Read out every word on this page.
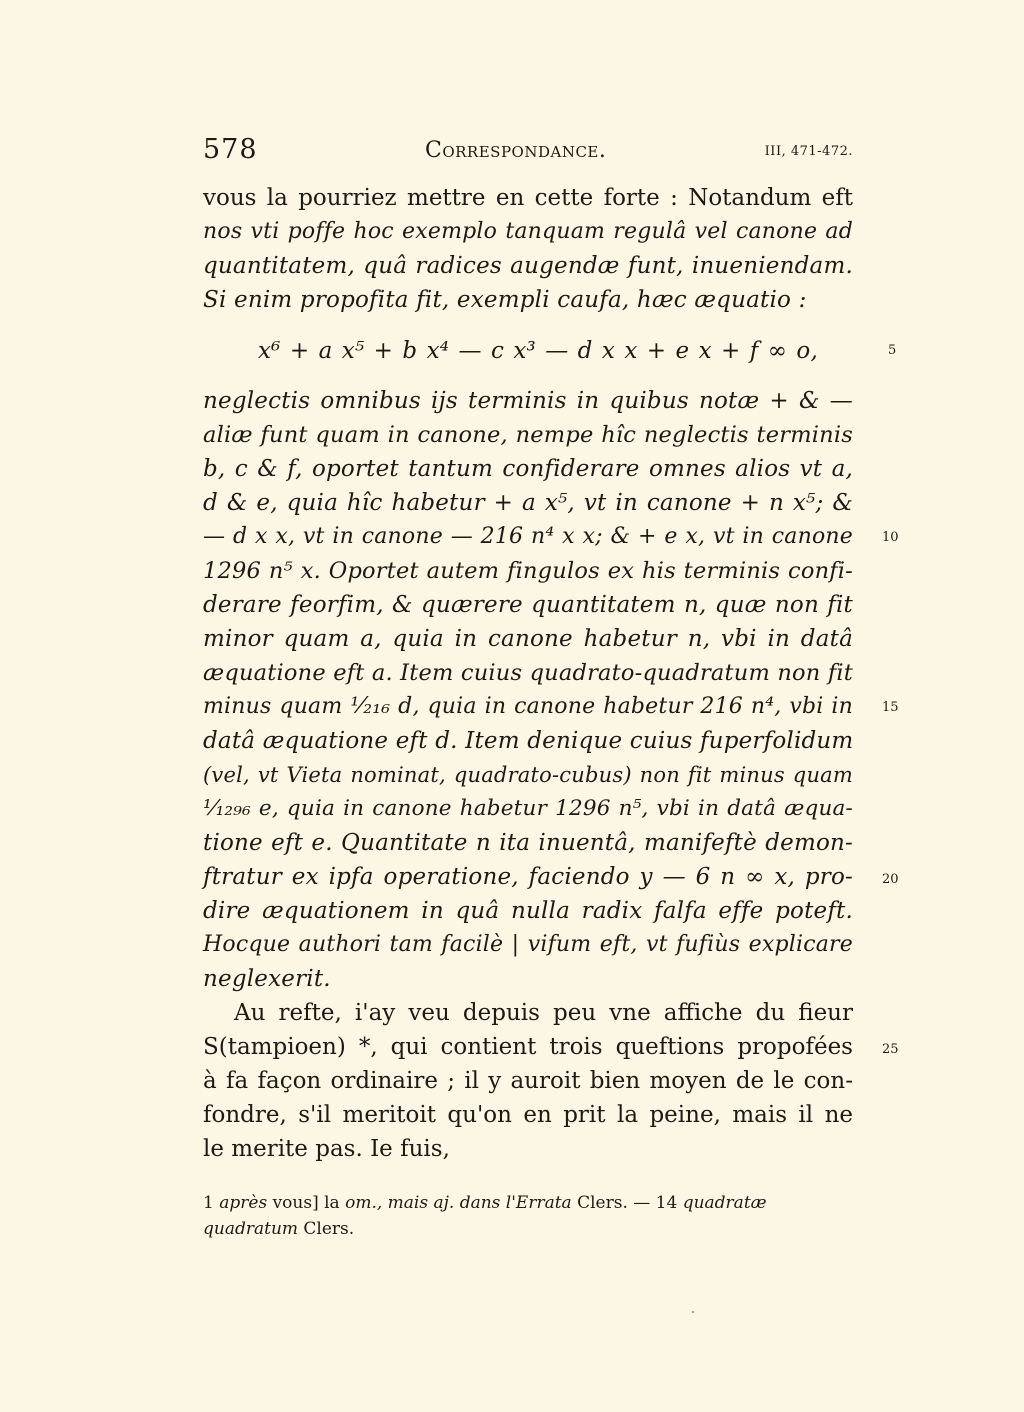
578	Correspondance.	III, 471-472.
vous la pourriez mettre en cette forte : Notandum eft
nos vti poffe hoc exemplo tanquam regulâ vel canone ad
quantitatem, quâ radices augendæ funt, inueniendam.
Si enim propofita fit, exempli caufa, hæc æquatio :
x⁶ + a x⁵ + b x⁴ — c x³ — d x x + e x + f ∞ o,	5
neglectis omnibus ijs terminis in quibus notæ + & —
aliæ funt quam in canone, nempe hîc neglectis terminis
b, c & f, oportet tantum confiderare omnes alios vt a,
d & e, quia hîc habetur + a x⁵, vt in canone + n x⁵; &
— d x x, vt in canone — 216 n⁴ x x; & + e x, vt in canone 10
1296 n⁵ x. Oportet autem fingulos ex his terminis confi-
derare feorfim, & quærere quantitatem n, quæ non fit
minor quam a, quia in canone habetur n, vbi in datâ
æquatione eft a. Item cuius quadrato-quadratum non fit
minus quam ¹⁄₂₁₆ d, quia in canone habetur 216 n⁴, vbi in 15
datâ æquatione eft d. Item denique cuius fuperfolidum
(vel, vt Vieta nominat, quadrato-cubus) non fit minus quam
¹⁄₁₂₉₆ e, quia in canone habetur 1296 n⁵, vbi in datâ æqua-
tione eft e. Quantitate n ita inuentâ, manifeftè demon-
ftratur ex ipfa operatione, faciendo y — 6 n ∞ x, pro- 20
dire æquationem in quâ nulla radix falfa effe poteft.
Hocque authori tam facilè | vifum eft, vt fufiùs explicare
neglexerit.
Au refte, i'ay veu depuis peu vne affiche du fieur
S(tampioen) *, qui contient trois queftions propofées 25
à fa façon ordinaire ; il y auroit bien moyen de le con-
fondre, s'il meritoit qu'on en prit la peine, mais il ne
le merite pas. Ie fuis,
1 après vous] la om., mais aj. dans l'Errata Clers. — 14 quadratæ
quadratum Clers.
